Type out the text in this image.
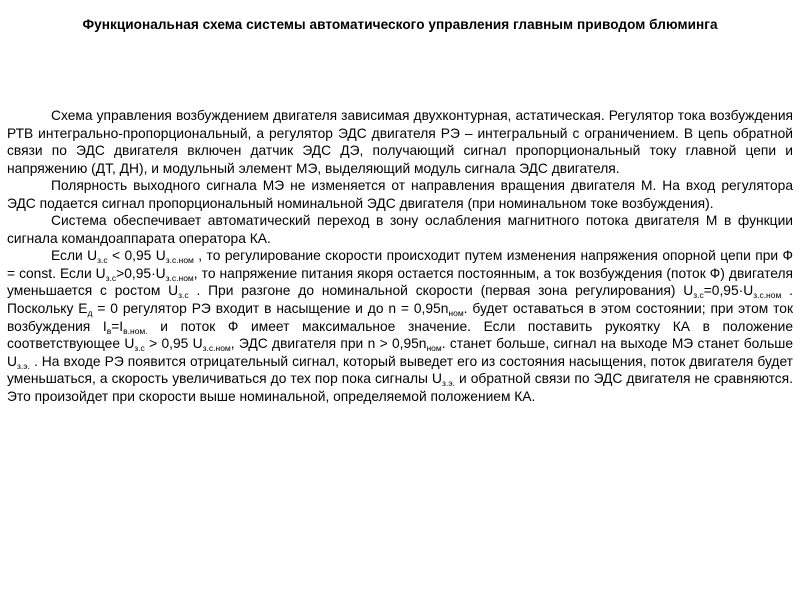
Функциональная схема системы автоматического управления главным приводом блюминга

Схема управления возбуждением двигателя зависимая двухконтурная, астатическая. Регулятор тока возбуждения РТВ интегрально-пропорциональный, а регулятор ЭДС двигателя РЭ – интегральный с ограничением. В цепь обратной связи по ЭДС двигателя включен датчик ЭДС ДЭ, получающий сигнал пропорциональный току главной цепи и напряжению (ДТ, ДН), и модульный элемент МЭ, выделяющий модуль сигнала ЭДС двигателя.

Полярность выходного сигнала МЭ не изменяется от направления вращения двигателя М. На вход регулятора ЭДС подается сигнал пропорциональный номинальной ЭДС двигателя (при номинальном токе возбуждения).

Система обеспечивает автоматический переход в зону ослабления магнитного потока двигателя М в функции сигнала командоаппарата оператора КА.

Если $U_{з.с} < 0,95$ $U_{з.с.ном}$ , то регулирование скорости происходит путем изменения напряжения опорной цепи при Ф = const. Если $U_{з.с}>0,95\cdot U_{з.с.ном}$, то напряжение питания якоря остается постоянным, а ток возбуждения (поток Ф) двигателя уменьшается с ростом $U_{з.с}$ . При разгоне до номинальной скорости (первая зона регулирования) $U_{з.с}=0,95\cdot U_{з.с.ном}$ . Поскольку $E_д = 0$ регулятор РЭ входит в насыщение и до $n = 0,95n_{ном}$. будет оставаться в этом состоянии; при этом ток возбуждения $I_в=I_{в.ном.}$ и поток Ф имеет максимальное значение. Если поставить рукоятку КА в положение соответствующее $U_{з.с} > 0,95$ $U_{з.с.ном}$, ЭДС двигателя при $n > 0,95n_{ном}$. станет больше, сигнал на выходе МЭ станет больше $U_{з.э.}$ . На входе РЭ появится отрицательный сигнал, который выведет его из состояния насыщения, поток двигателя будет уменьшаться, а скорость увеличиваться до тех пор пока сигналы $U_{з.э.}$ и обратной связи по ЭДС двигателя не сравняются. Это произойдет при скорости выше номинальной, определяемой положением КА.
